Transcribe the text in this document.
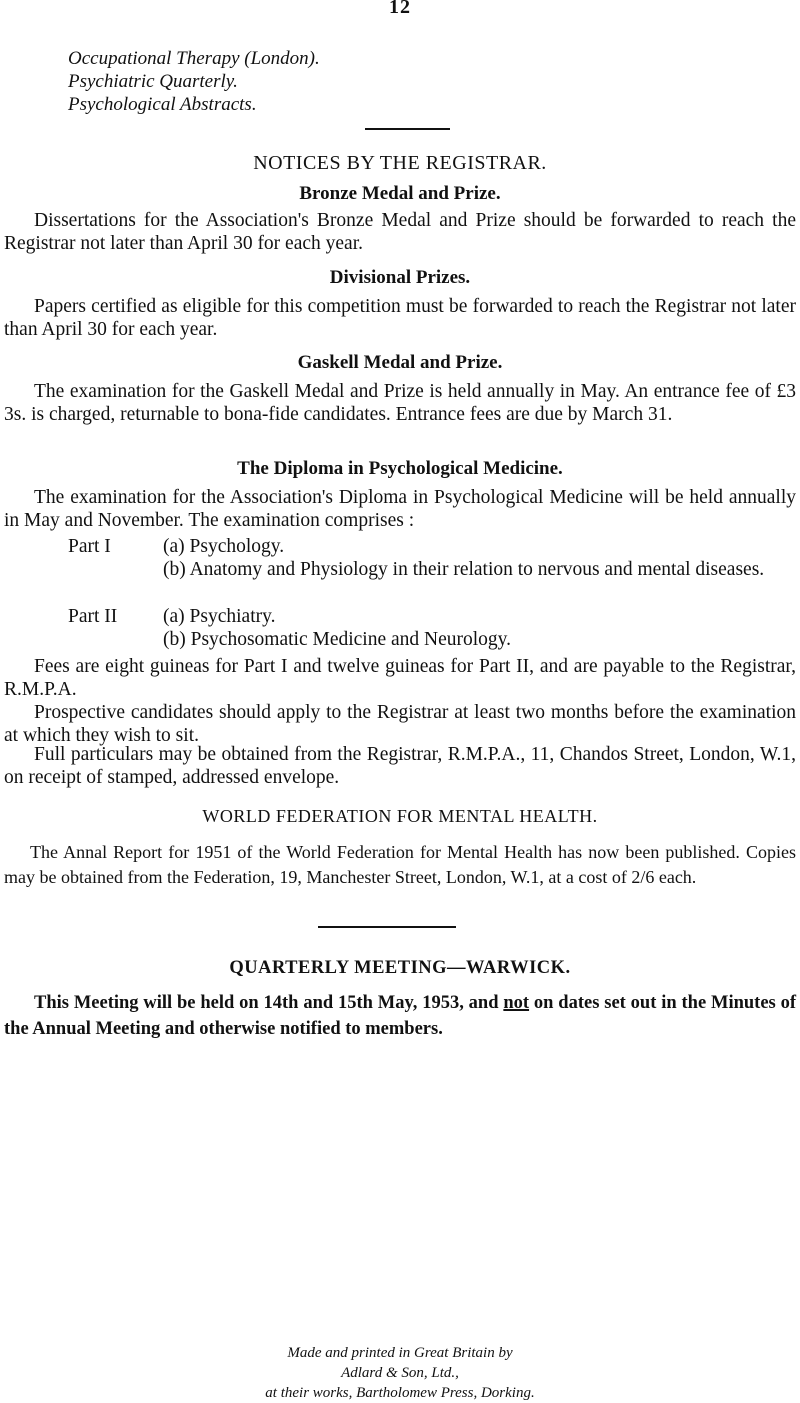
12
Occupational Therapy (London).
Psychiatric Quarterly.
Psychological Abstracts.
NOTICES BY THE REGISTRAR.
Bronze Medal and Prize.
Dissertations for the Association's Bronze Medal and Prize should be forwarded to reach the Registrar not later than April 30 for each year.
Divisional Prizes.
Papers certified as eligible for this competition must be forwarded to reach the Registrar not later than April 30 for each year.
Gaskell Medal and Prize.
The examination for the Gaskell Medal and Prize is held annually in May. An entrance fee of £3 3s. is charged, returnable to bona-fide candidates. Entrance fees are due by March 31.
The Diploma in Psychological Medicine.
The examination for the Association's Diploma in Psychological Medicine will be held annually in May and November. The examination comprises :
Part I	(a) Psychology.
(b) Anatomy and Physiology in their relation to nervous and mental diseases.
Part II (a) Psychiatry.
(b) Psychosomatic Medicine and Neurology.
Fees are eight guineas for Part I and twelve guineas for Part II, and are payable to the Registrar, R.M.P.A.
Prospective candidates should apply to the Registrar at least two months before the examination at which they wish to sit.
Full particulars may be obtained from the Registrar, R.M.P.A., 11, Chandos Street, London, W.1, on receipt of stamped, addressed envelope.
WORLD FEDERATION FOR MENTAL HEALTH.
The Annal Report for 1951 of the World Federation for Mental Health has now been published. Copies may be obtained from the Federation, 19, Manchester Street, London, W.1, at a cost of 2/6 each.
QUARTERLY MEETING—WARWICK.
This Meeting will be held on 14th and 15th May, 1953, and not on dates set out in the Minutes of the Annual Meeting and otherwise notified to members.
Made and printed in Great Britain by
Adlard & Son, Ltd.,
at their works, Bartholomew Press, Dorking.
